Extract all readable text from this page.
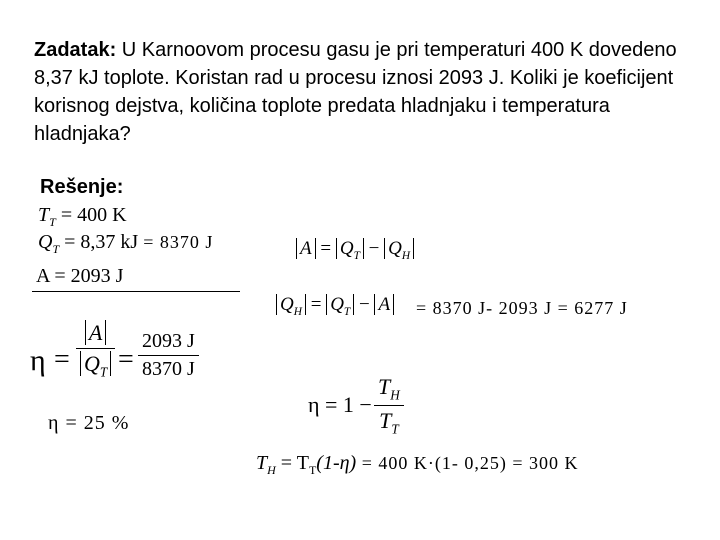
Zadatak: U Karnoovom procesu gasu je pri temperaturi 400 K dovedeno 8,37 kJ toplote. Koristan rad u procesu iznosi 2093 J. Koliki je koeficijent korisnog dejstva, količina toplote predata hladnjaku i temperatura hladnjaka?
Rešenje:
$T_T = 400$ K
$Q_T = 8,37$ kJ = 8370 J
A = 2093 J
$A = Q_T - Q_H$
$Q_H = Q_T - A = 8370$ J- 2093 J = 6277 J
η =
A
$Q_T$ =
2093 J
8370 J
η = 1 −
$T_H$
$T_T$
η = 25 %
$T_H = T_T(1-\eta) = 400$ K·(1- 0,25) = 300 K
